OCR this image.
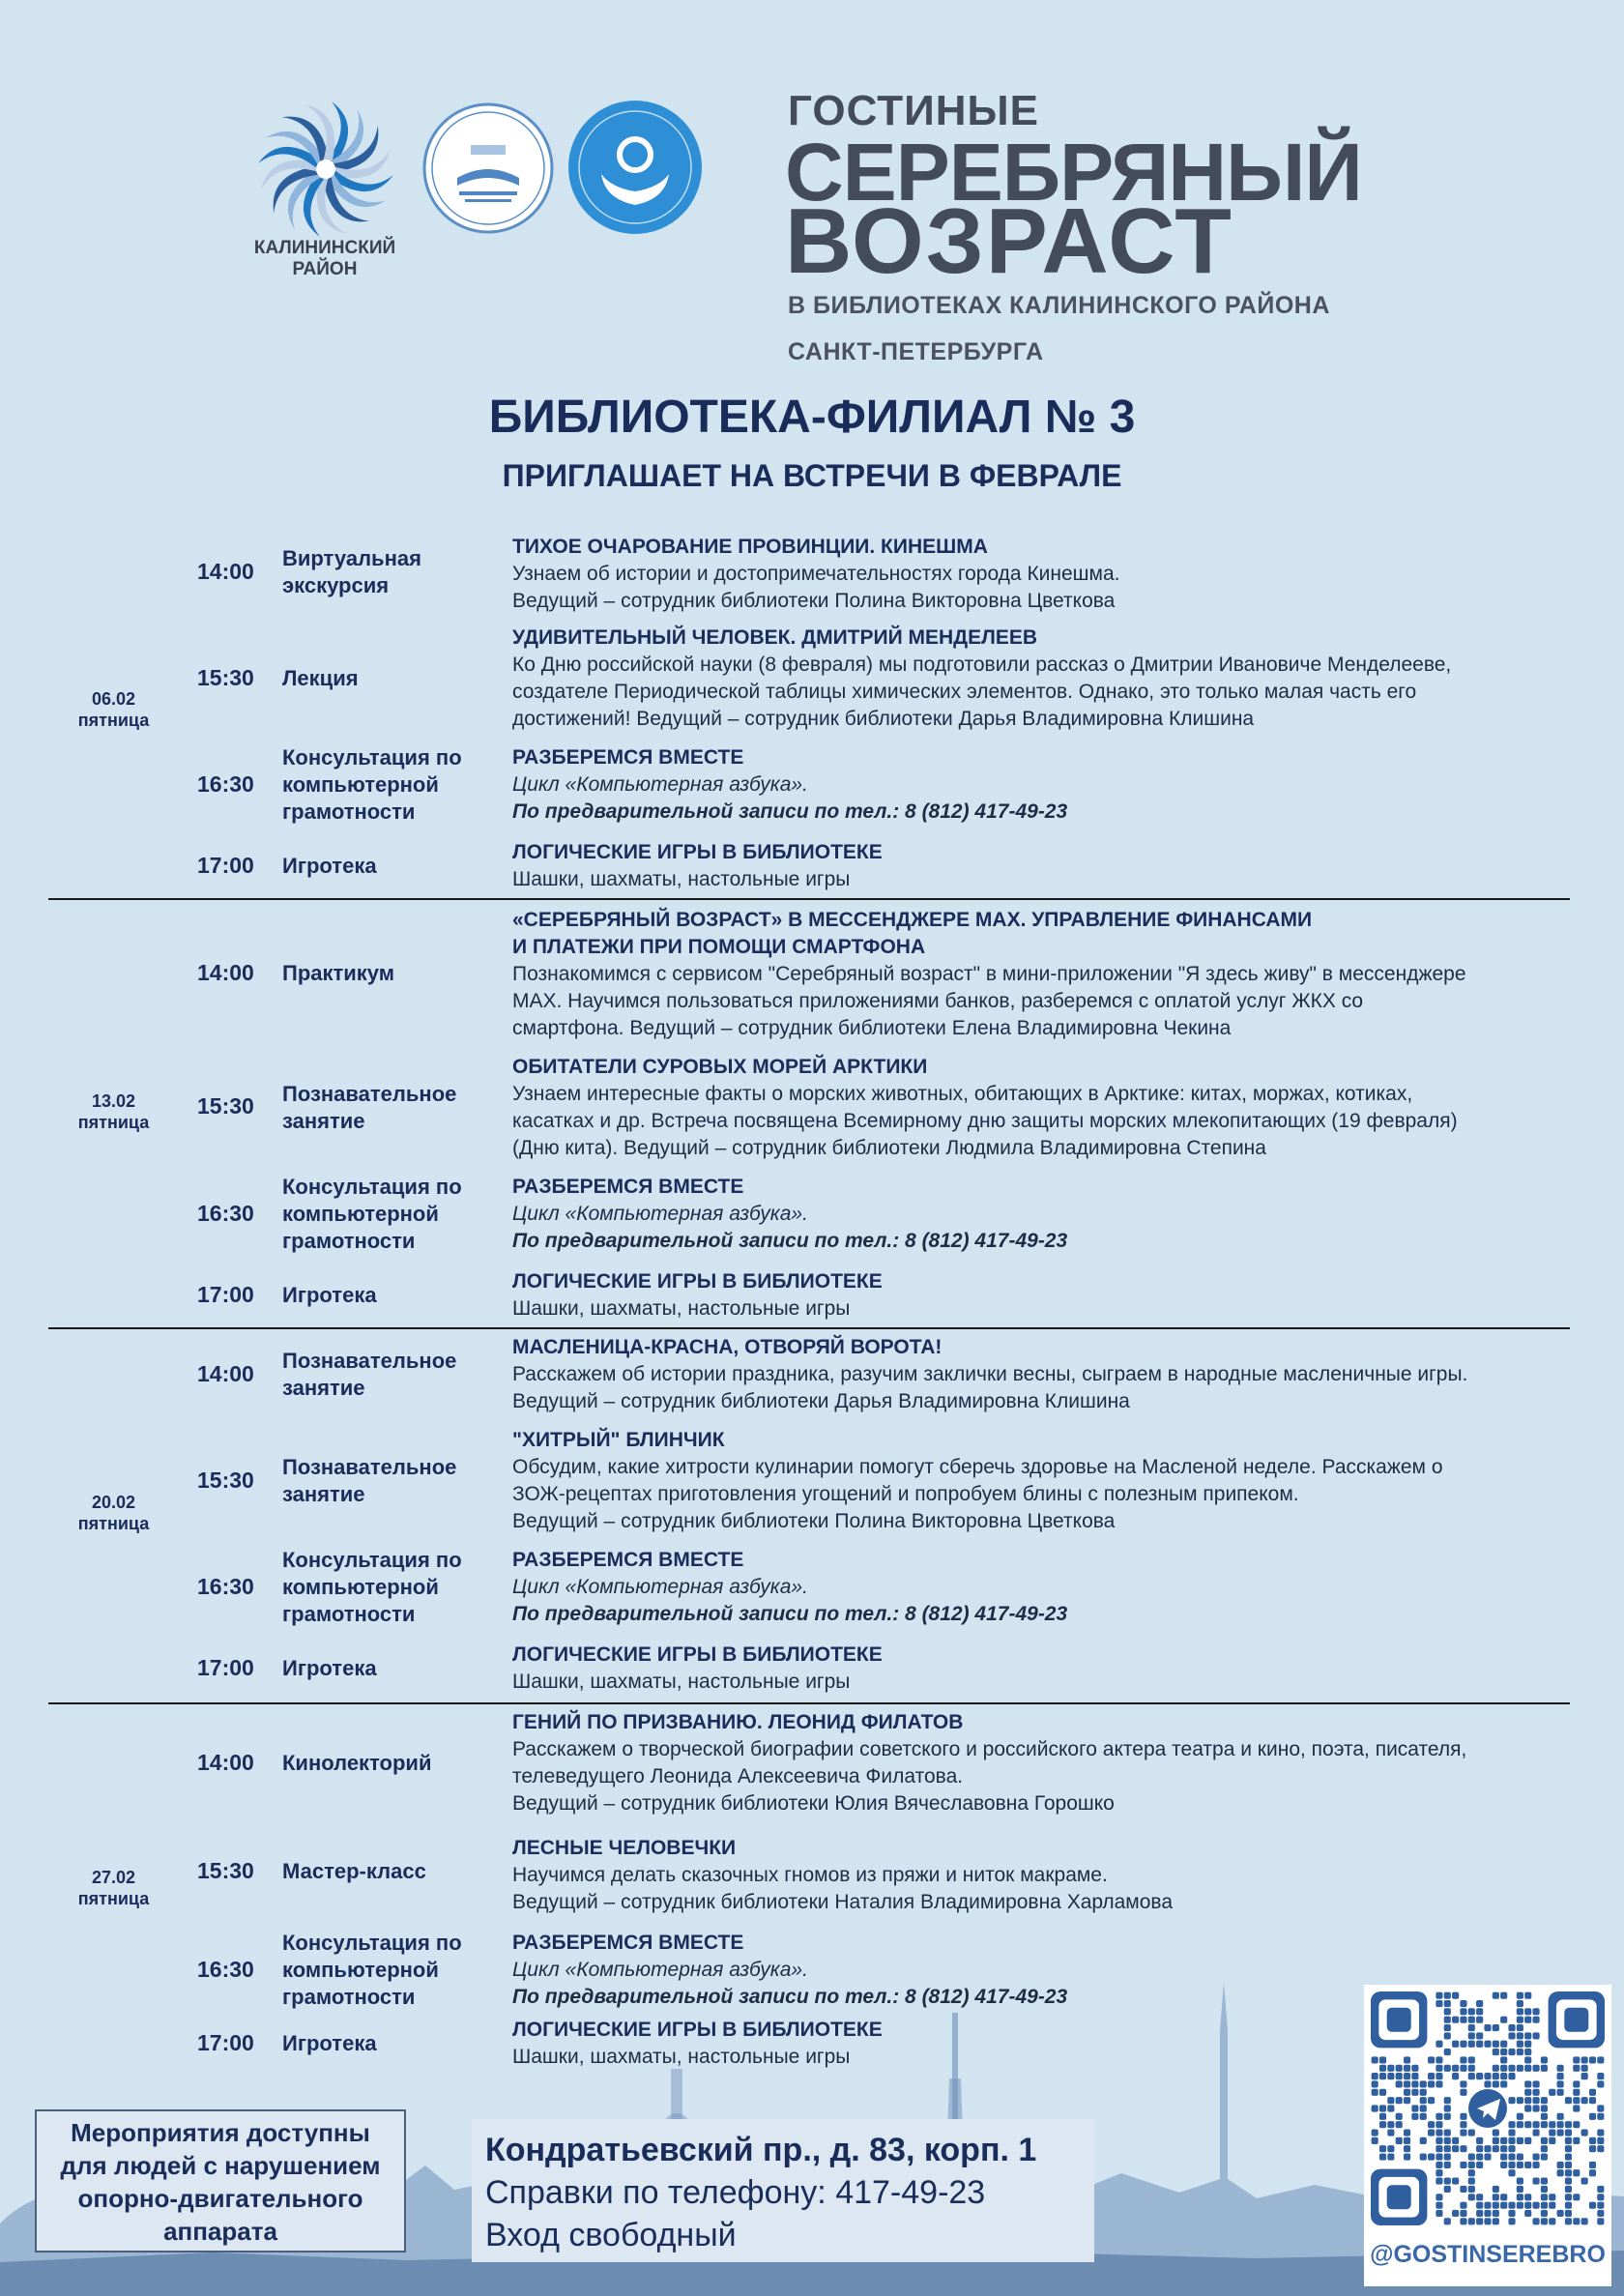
КАЛИНИНСКИЙ
РАЙОН
ГОСТИНЫЕ
СЕРЕБРЯНЫЙ
ВОЗРАСТ
В БИБЛИОТЕКАХ КАЛИНИНСКОГО РАЙОНА
САНКТ-ПЕТЕРБУРГА
БИБЛИОТЕКА-ФИЛИАЛ № 3
ПРИГЛАШАЕТ НА ВСТРЕЧИ В ФЕВРАЛЕ
06.02
пятница
14:00
Виртуальная экскурсия
ТИХОЕ ОЧАРОВАНИЕ ПРОВИНЦИИ. КИНЕШМА
Узнаем об истории и достопримечательностях города Кинешма.
Ведущий – сотрудник библиотеки Полина Викторовна Цветкова
15:30 Лекция
УДИВИТЕЛЬНЫЙ ЧЕЛОВЕК. ДМИТРИЙ МЕНДЕЛЕЕВ
Ко Дню российской науки (8 февраля) мы подготовили рассказ о Дмитрии Ивановиче Менделееве,
создателе Периодической таблицы химических элементов. Однако, это только малая часть его
достижений! Ведущий – сотрудник библиотеки Дарья Владимировна Клишина
16:30
Консультация по компьютерной грамотности
РАЗБЕРЕМСЯ ВМЕСТЕ
Цикл «Компьютерная азбука».
По предварительной записи по тел.: 8 (812) 417-49-23
17:00 Игротека
ЛОГИЧЕСКИЕ ИГРЫ В БИБЛИОТЕКЕ
Шашки, шахматы, настольные игры
13.02
пятница
14:00 Практикум
«СЕРЕБРЯНЫЙ ВОЗРАСТ» В МЕССЕНДЖЕРЕ MAX. УПРАВЛЕНИЕ ФИНАНСАМИ
И ПЛАТЕЖИ ПРИ ПОМОЩИ СМАРТФОНА
Познакомимся с сервисом "Серебряный возраст" в мини-приложении "Я здесь живу" в мессенджере
MAX. Научимся пользоваться приложениями банков, разберемся с оплатой услуг ЖКХ со
смартфона. Ведущий – сотрудник библиотеки Елена Владимировна Чекина
15:30 Познавательное занятие
ОБИТАТЕЛИ СУРОВЫХ МОРЕЙ АРКТИКИ
Узнаем интересные факты о морских животных, обитающих в Арктике: китах, моржах, котиках,
касатках и др. Встреча посвящена Всемирному дню защиты морских млекопитающих (19 февраля)
(Дню кита). Ведущий – сотрудник библиотеки Людмила Владимировна Степина
16:30
Консультация по компьютерной грамотности
РАЗБЕРЕМСЯ ВМЕСТЕ
Цикл «Компьютерная азбука».
По предварительной записи по тел.: 8 (812) 417-49-23
17:00 Игротека
ЛОГИЧЕСКИЕ ИГРЫ В БИБЛИОТЕКЕ
Шашки, шахматы, настольные игры
20.02
пятница
14:00
Познавательное занятие
МАСЛЕНИЦА-КРАСНА, ОТВОРЯЙ ВОРОТА!
Расскажем об истории праздника, разучим заклички весны, сыграем в народные масленичные игры.
Ведущий – сотрудник библиотеки Дарья Владимировна Клишина
15:30
Познавательное занятие
"ХИТРЫЙ" БЛИНЧИК
Обсудим, какие хитрости кулинарии помогут сберечь здоровье на Масленой неделе. Расскажем о
ЗОЖ-рецептах приготовления угощений и попробуем блины с полезным припеком.
Ведущий – сотрудник библиотеки Полина Викторовна Цветкова
16:30
Консультация по компьютерной грамотности
РАЗБЕРЕМСЯ ВМЕСТЕ
Цикл «Компьютерная азбука».
По предварительной записи по тел.: 8 (812) 417-49-23
17:00 Игротека
ЛОГИЧЕСКИЕ ИГРЫ В БИБЛИОТЕКЕ
Шашки, шахматы, настольные игры
27.02
пятница
14:00 Кинолекторий
ГЕНИЙ ПО ПРИЗВАНИЮ. ЛЕОНИД ФИЛАТОВ
Расскажем о творческой биографии советского и российского актера театра и кино, поэта, писателя,
телеведущего Леонида Алексеевича Филатова.
Ведущий – сотрудник библиотеки Юлия Вячеславовна Горошко
15:30 Мастер-класс
ЛЕСНЫЕ ЧЕЛОВЕЧКИ
Научимся делать сказочных гномов из пряжи и ниток макраме.
Ведущий – сотрудник библиотеки Наталия Владимировна Харламова
16:30
Консультация по компьютерной грамотности
РАЗБЕРЕМСЯ ВМЕСТЕ
Цикл «Компьютерная азбука».
По предварительной записи по тел.: 8 (812) 417-49-23
17:00 Игротека
ЛОГИЧЕСКИЕ ИГРЫ В БИБЛИОТЕКЕ
Шашки, шахматы, настольные игры
Мероприятия доступны
для людей с нарушением
опорно-двигательного
аппарата
Кондратьевский пр., д. 83, корп. 1
Справки по телефону: 417-49-23
Вход свободный
@GOSTINSEREBRO
